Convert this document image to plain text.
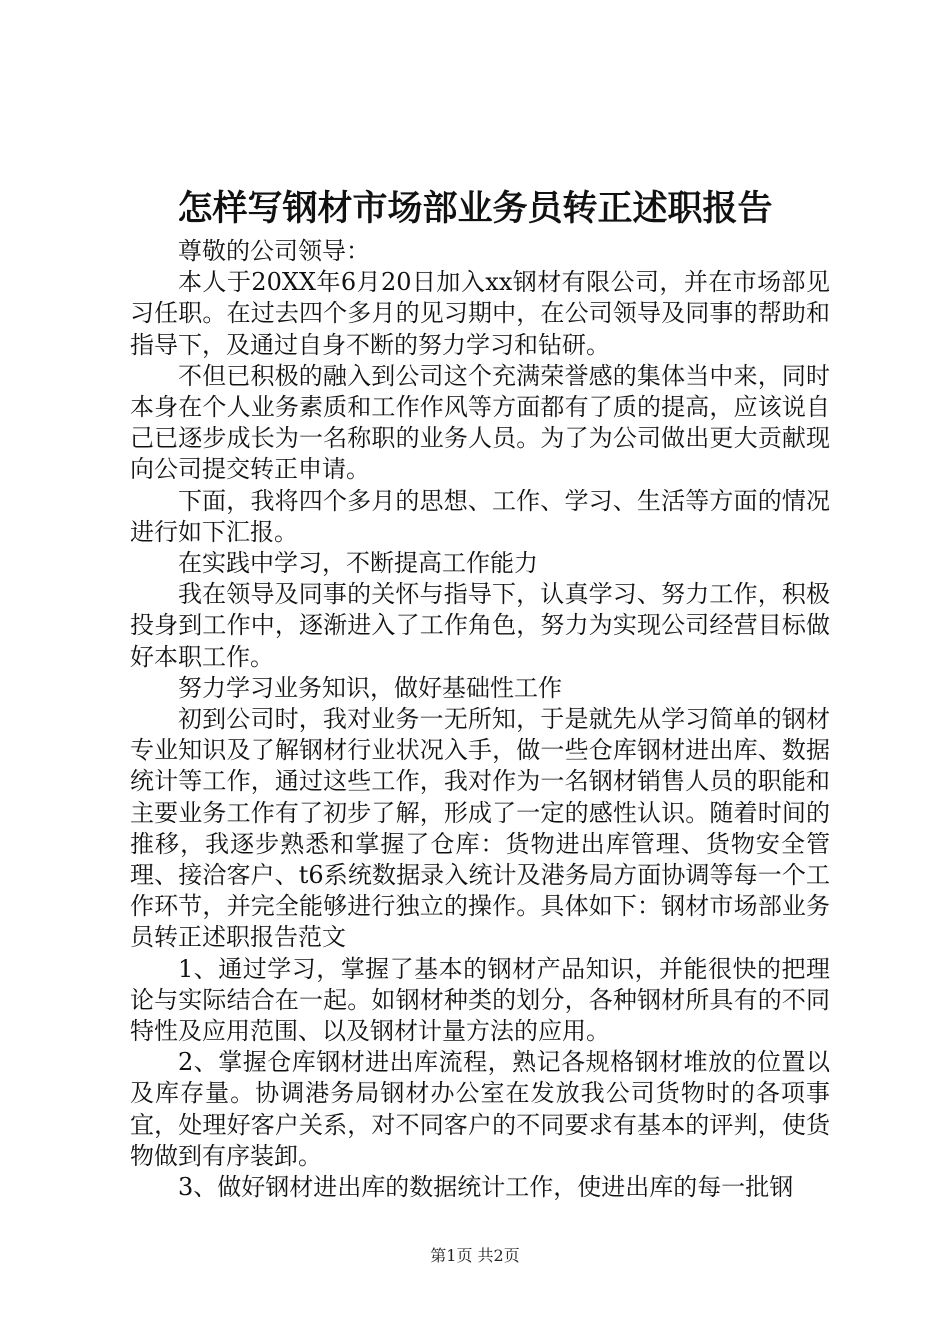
怎样写钢材市场部业务员转正述职报告

尊敬的公司领导：

本人于20XX年6月20日加入xx钢材有限公司，并在市场部见习任职。在过去四个多月的见习期中，在公司领导及同事的帮助和指导下，及通过自身不断的努力学习和钻研。

不但已积极的融入到公司这个充满荣誉感的集体当中来，同时本身在个人业务素质和工作作风等方面都有了质的提高，应该说自己已逐步成长为一名称职的业务人员。为了为公司做出更大贡献现向公司提交转正申请。

下面，我将四个多月的思想、工作、学习、生活等方面的情况进行如下汇报。

在实践中学习，不断提高工作能力

我在领导及同事的关怀与指导下，认真学习、努力工作，积极投身到工作中，逐渐进入了工作角色，努力为实现公司经营目标做好本职工作。

努力学习业务知识，做好基础性工作

初到公司时，我对业务一无所知，于是就先从学习简单的钢材专业知识及了解钢材行业状况入手，做一些仓库钢材进出库、数据统计等工作，通过这些工作，我对作为一名钢材销售人员的职能和主要业务工作有了初步了解，形成了一定的感性认识。随着时间的推移，我逐步熟悉和掌握了仓库：货物进出库管理、货物安全管理、接洽客户、t6系统数据录入统计及港务局方面协调等每一个工作环节，并完全能够进行独立的操作。具体如下：钢材市场部业务员转正述职报告范文

1、通过学习，掌握了基本的钢材产品知识，并能很快的把理论与实际结合在一起。如钢材种类的划分，各种钢材所具有的不同特性及应用范围、以及钢材计量方法的应用。

2、掌握仓库钢材进出库流程，熟记各规格钢材堆放的位置以及库存量。协调港务局钢材办公室在发放我公司货物时的各项事宜，处理好客户关系，对不同客户的不同要求有基本的评判，使货物做到有序装卸。

3、做好钢材进出库的数据统计工作，使进出库的每一批钢

第1页 共2页
